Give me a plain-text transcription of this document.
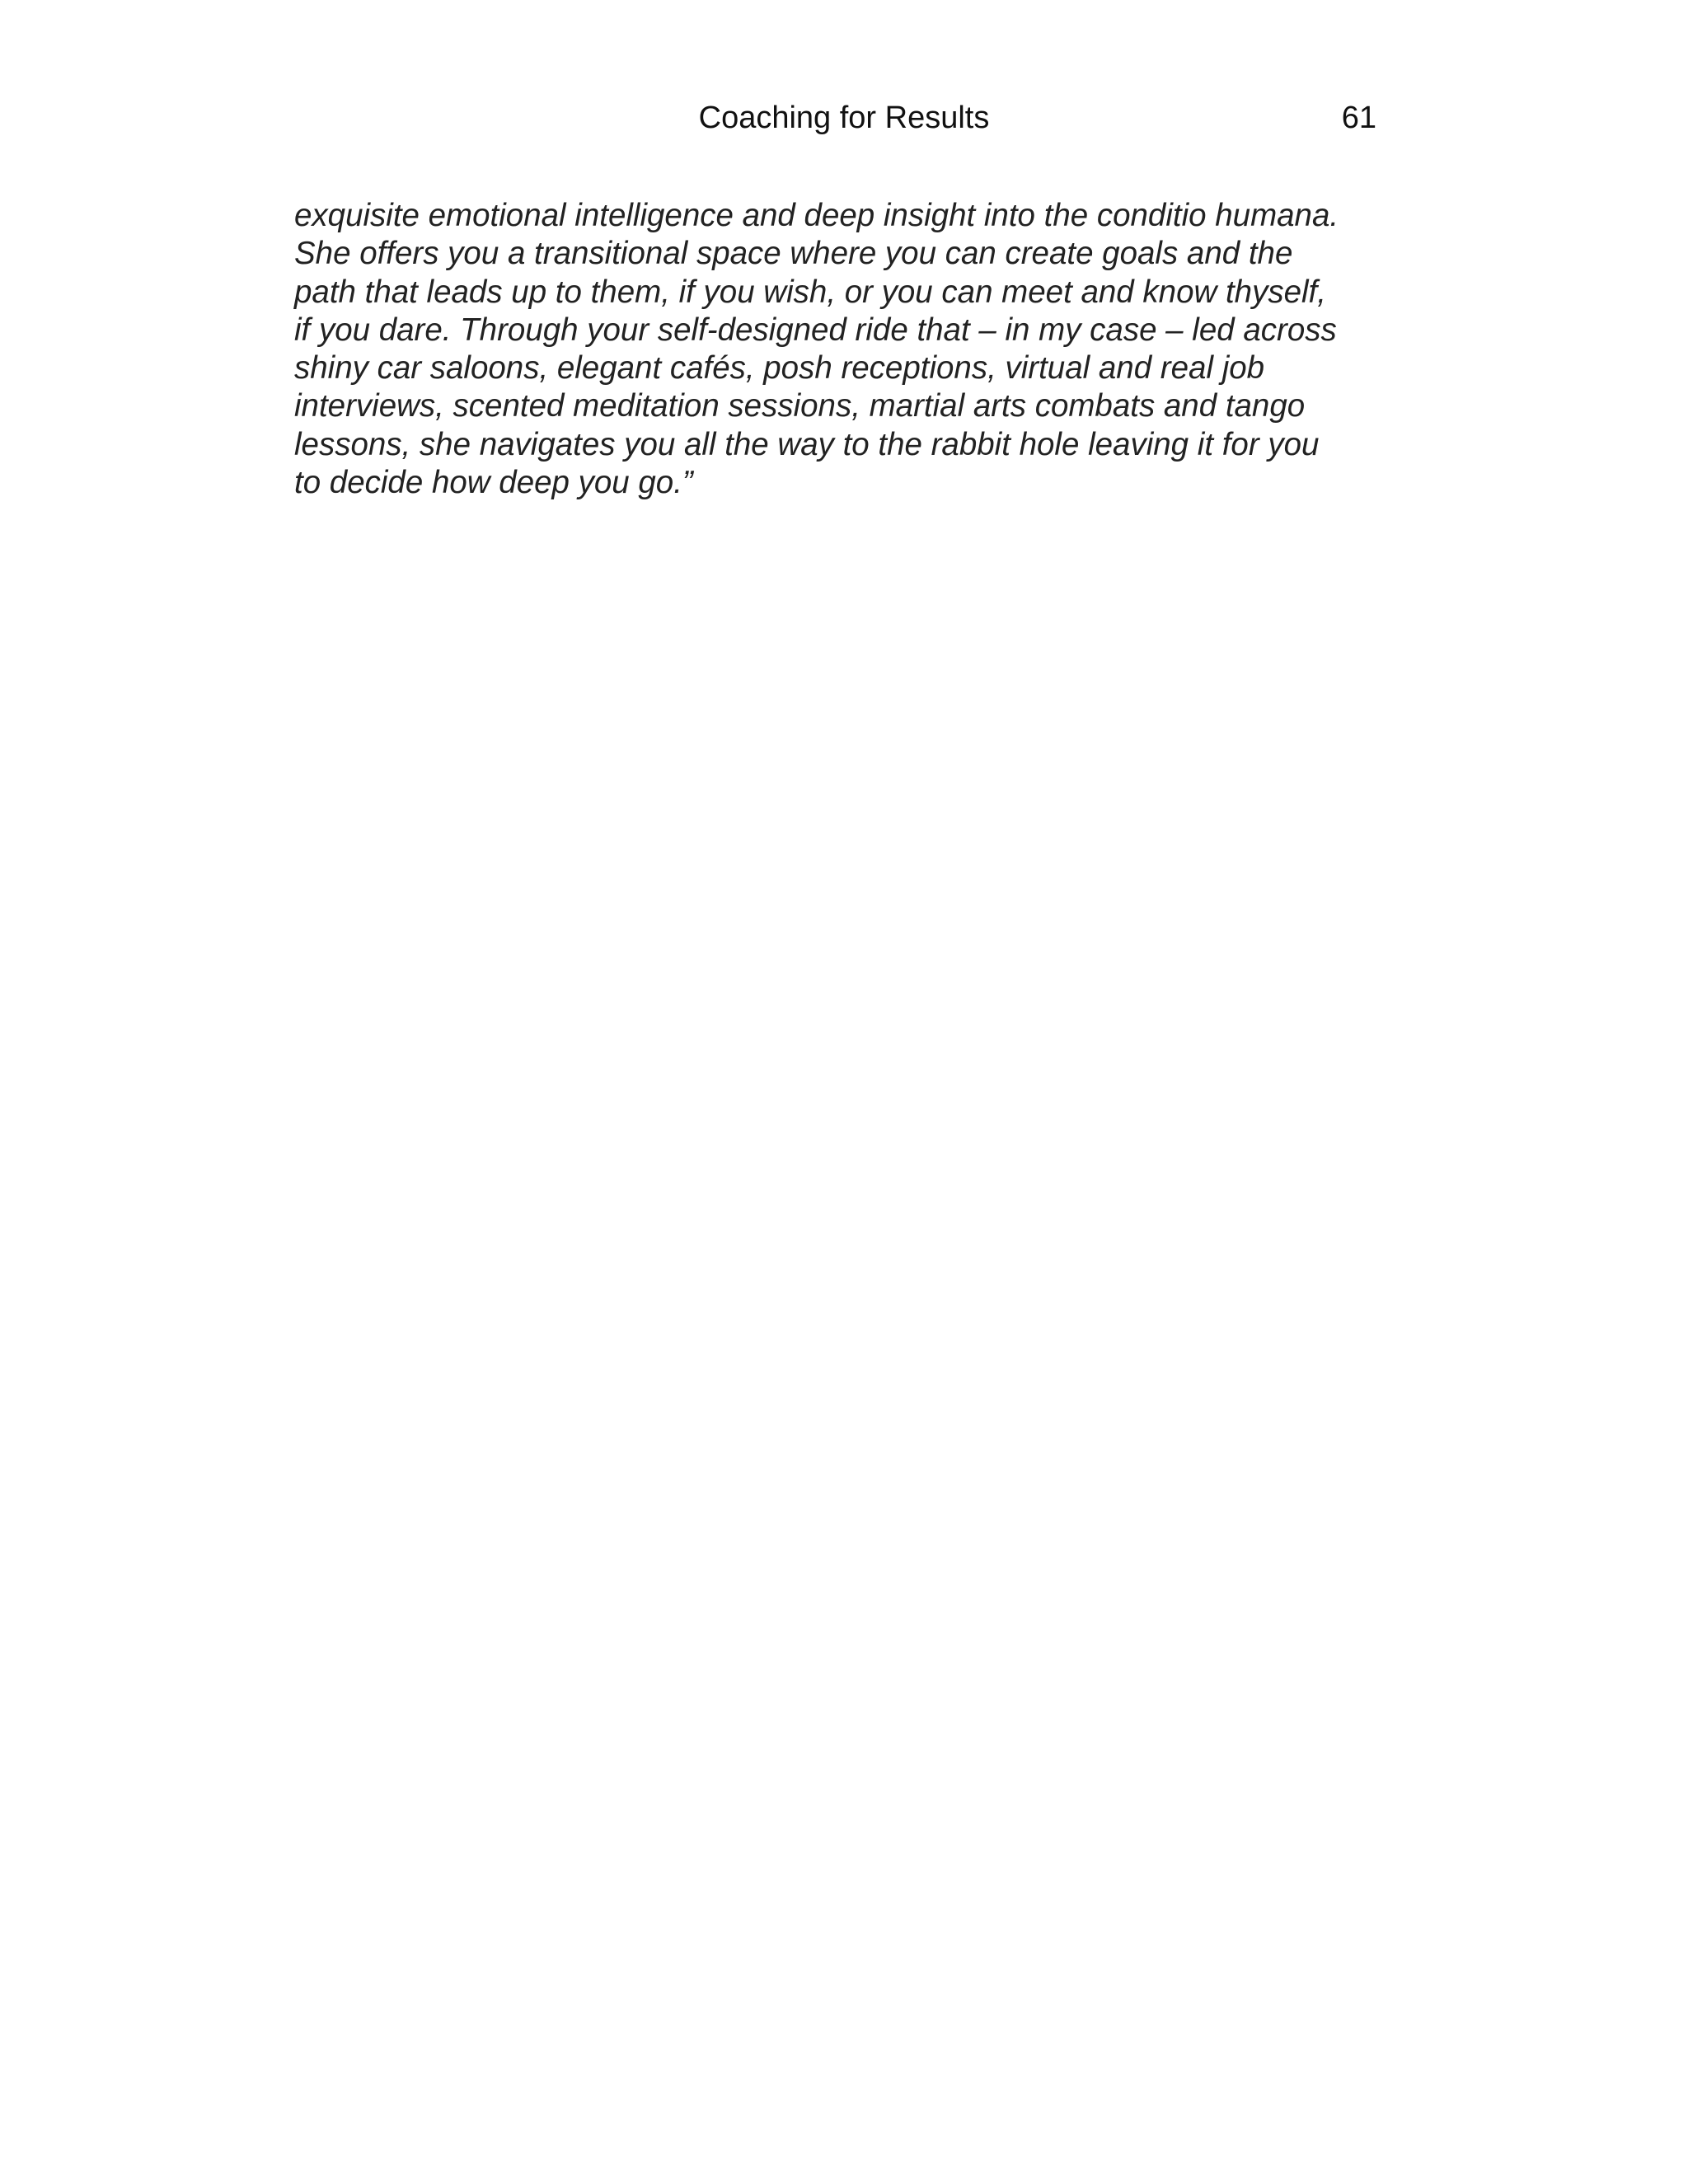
Coaching for Results	61
exquisite emotional intelligence and deep insight into the conditio humana.
She offers you a transitional space where you can create goals and the
path that leads up to them, if you wish, or you can meet and know thyself,
if you dare. Through your self-designed ride that – in my case – led across
shiny car saloons, elegant cafés, posh receptions, virtual and real job
interviews, scented meditation sessions, martial arts combats and tango
lessons, she navigates you all the way to the rabbit hole leaving it for you
to decide how deep you go.”
